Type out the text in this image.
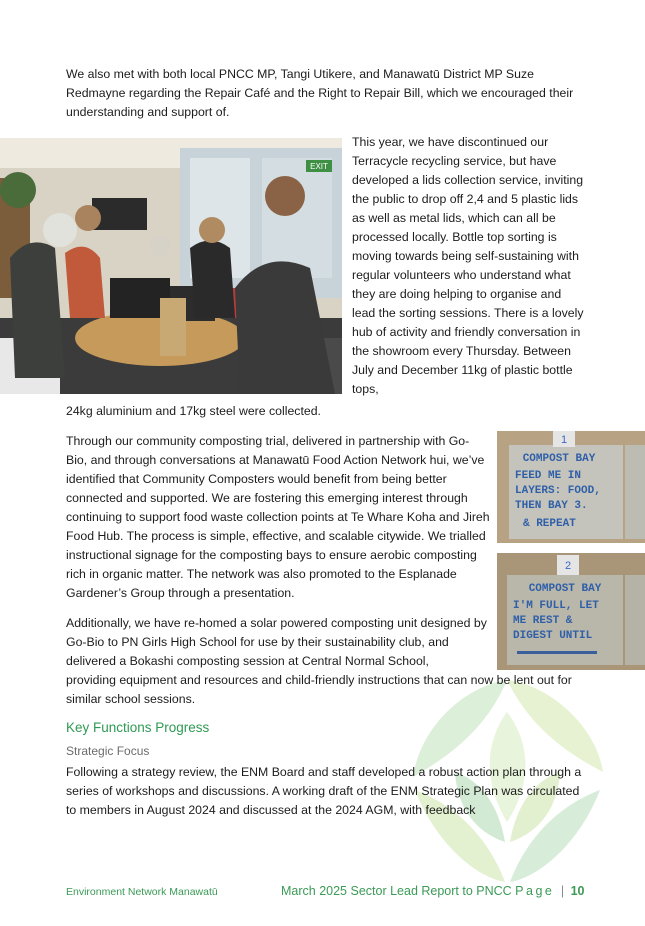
We also met with both local PNCC MP, Tangi Utikere, and Manawatū District MP Suze Redmayne regarding the Repair Café and the Right to Repair Bill, which we encouraged their understanding and support of.

EXIT

This year, we have discontinued our Terracycle recycling service, but have developed a lids collection service, inviting the public to drop off 2,4 and 5 plastic lids as well as metal lids, which can all be processed locally. Bottle top sorting is moving towards being self-sustaining with regular volunteers who understand what they are doing helping to organise and lead the sorting sessions. There is a lovely hub of activity and friendly conversation in the showroom every Thursday. Between July and December 11kg of plastic bottle tops,

24kg aluminium and 17kg steel were collected.

Through our community composting trial, delivered in partnership with Go-Bio, and through conversations at Manawatū Food Action Network hui, we’ve identified that Community Composters would benefit from being better connected and supported. We are fostering this emerging interest through continuing to support food waste collection points at Te Whare Koha and Jireh Food Hub. The process is simple, effective, and scalable citywide. We trialled instructional signage for the composting bays to ensure aerobic composting rich in organic matter. The network was also promoted to the Esplanade Gardener’s Group through a presentation.

1
COMPOST BAY
FEED ME IN
LAYERS: FOOD,
THEN BAY 3.
& REPEAT
2
COMPOST BAY
I'M FULL, LET
ME REST &
DIGEST UNTIL

Additionally, we have re-homed a solar powered composting unit designed by Go-Bio to PN Girls High School for use by their sustainability club, and delivered a Bokashi composting session at Central Normal School,

providing equipment and resources and child-friendly instructions that can now be lent out for similar school sessions.

Key Functions Progress
Strategic Focus

Following a strategy review, the ENM Board and staff developed a robust action plan through a series of workshops and discussions. A working draft of the ENM Strategic Plan was circulated to members in August 2024 and discussed at the 2024 AGM, with feedback

Environment Network Manawatū	March 2025 Sector Lead Report to PNCC Page | 10
